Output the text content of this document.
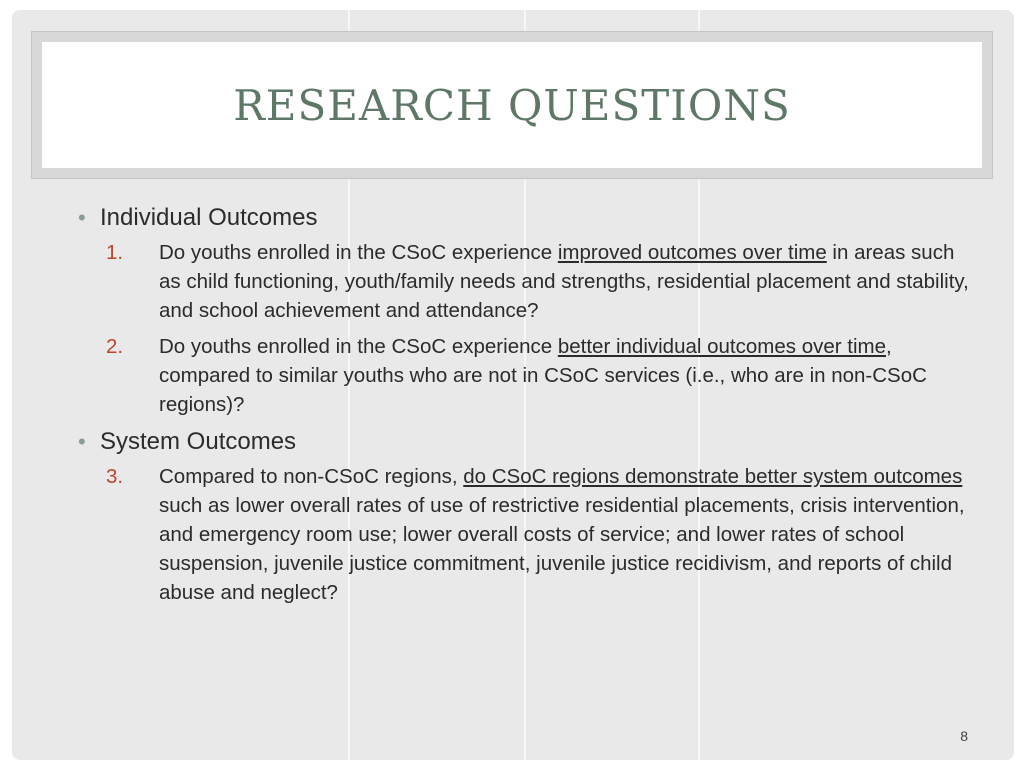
RESEARCH QUESTIONS
• Individual Outcomes
1. Do youths enrolled in the CSoC experience improved outcomes over time in areas such as child functioning, youth/family needs and strengths, residential placement and stability, and school achievement and attendance?
2. Do youths enrolled in the CSoC experience better individual outcomes over time, compared to similar youths who are not in CSoC services (i.e., who are in non-CSoC regions)?
• System Outcomes
3. Compared to non-CSoC regions, do CSoC regions demonstrate better system outcomes such as lower overall rates of use of restrictive residential placements, crisis intervention, and emergency room use; lower overall costs of service; and lower rates of school suspension, juvenile justice commitment, juvenile justice recidivism, and reports of child abuse and neglect?
8
